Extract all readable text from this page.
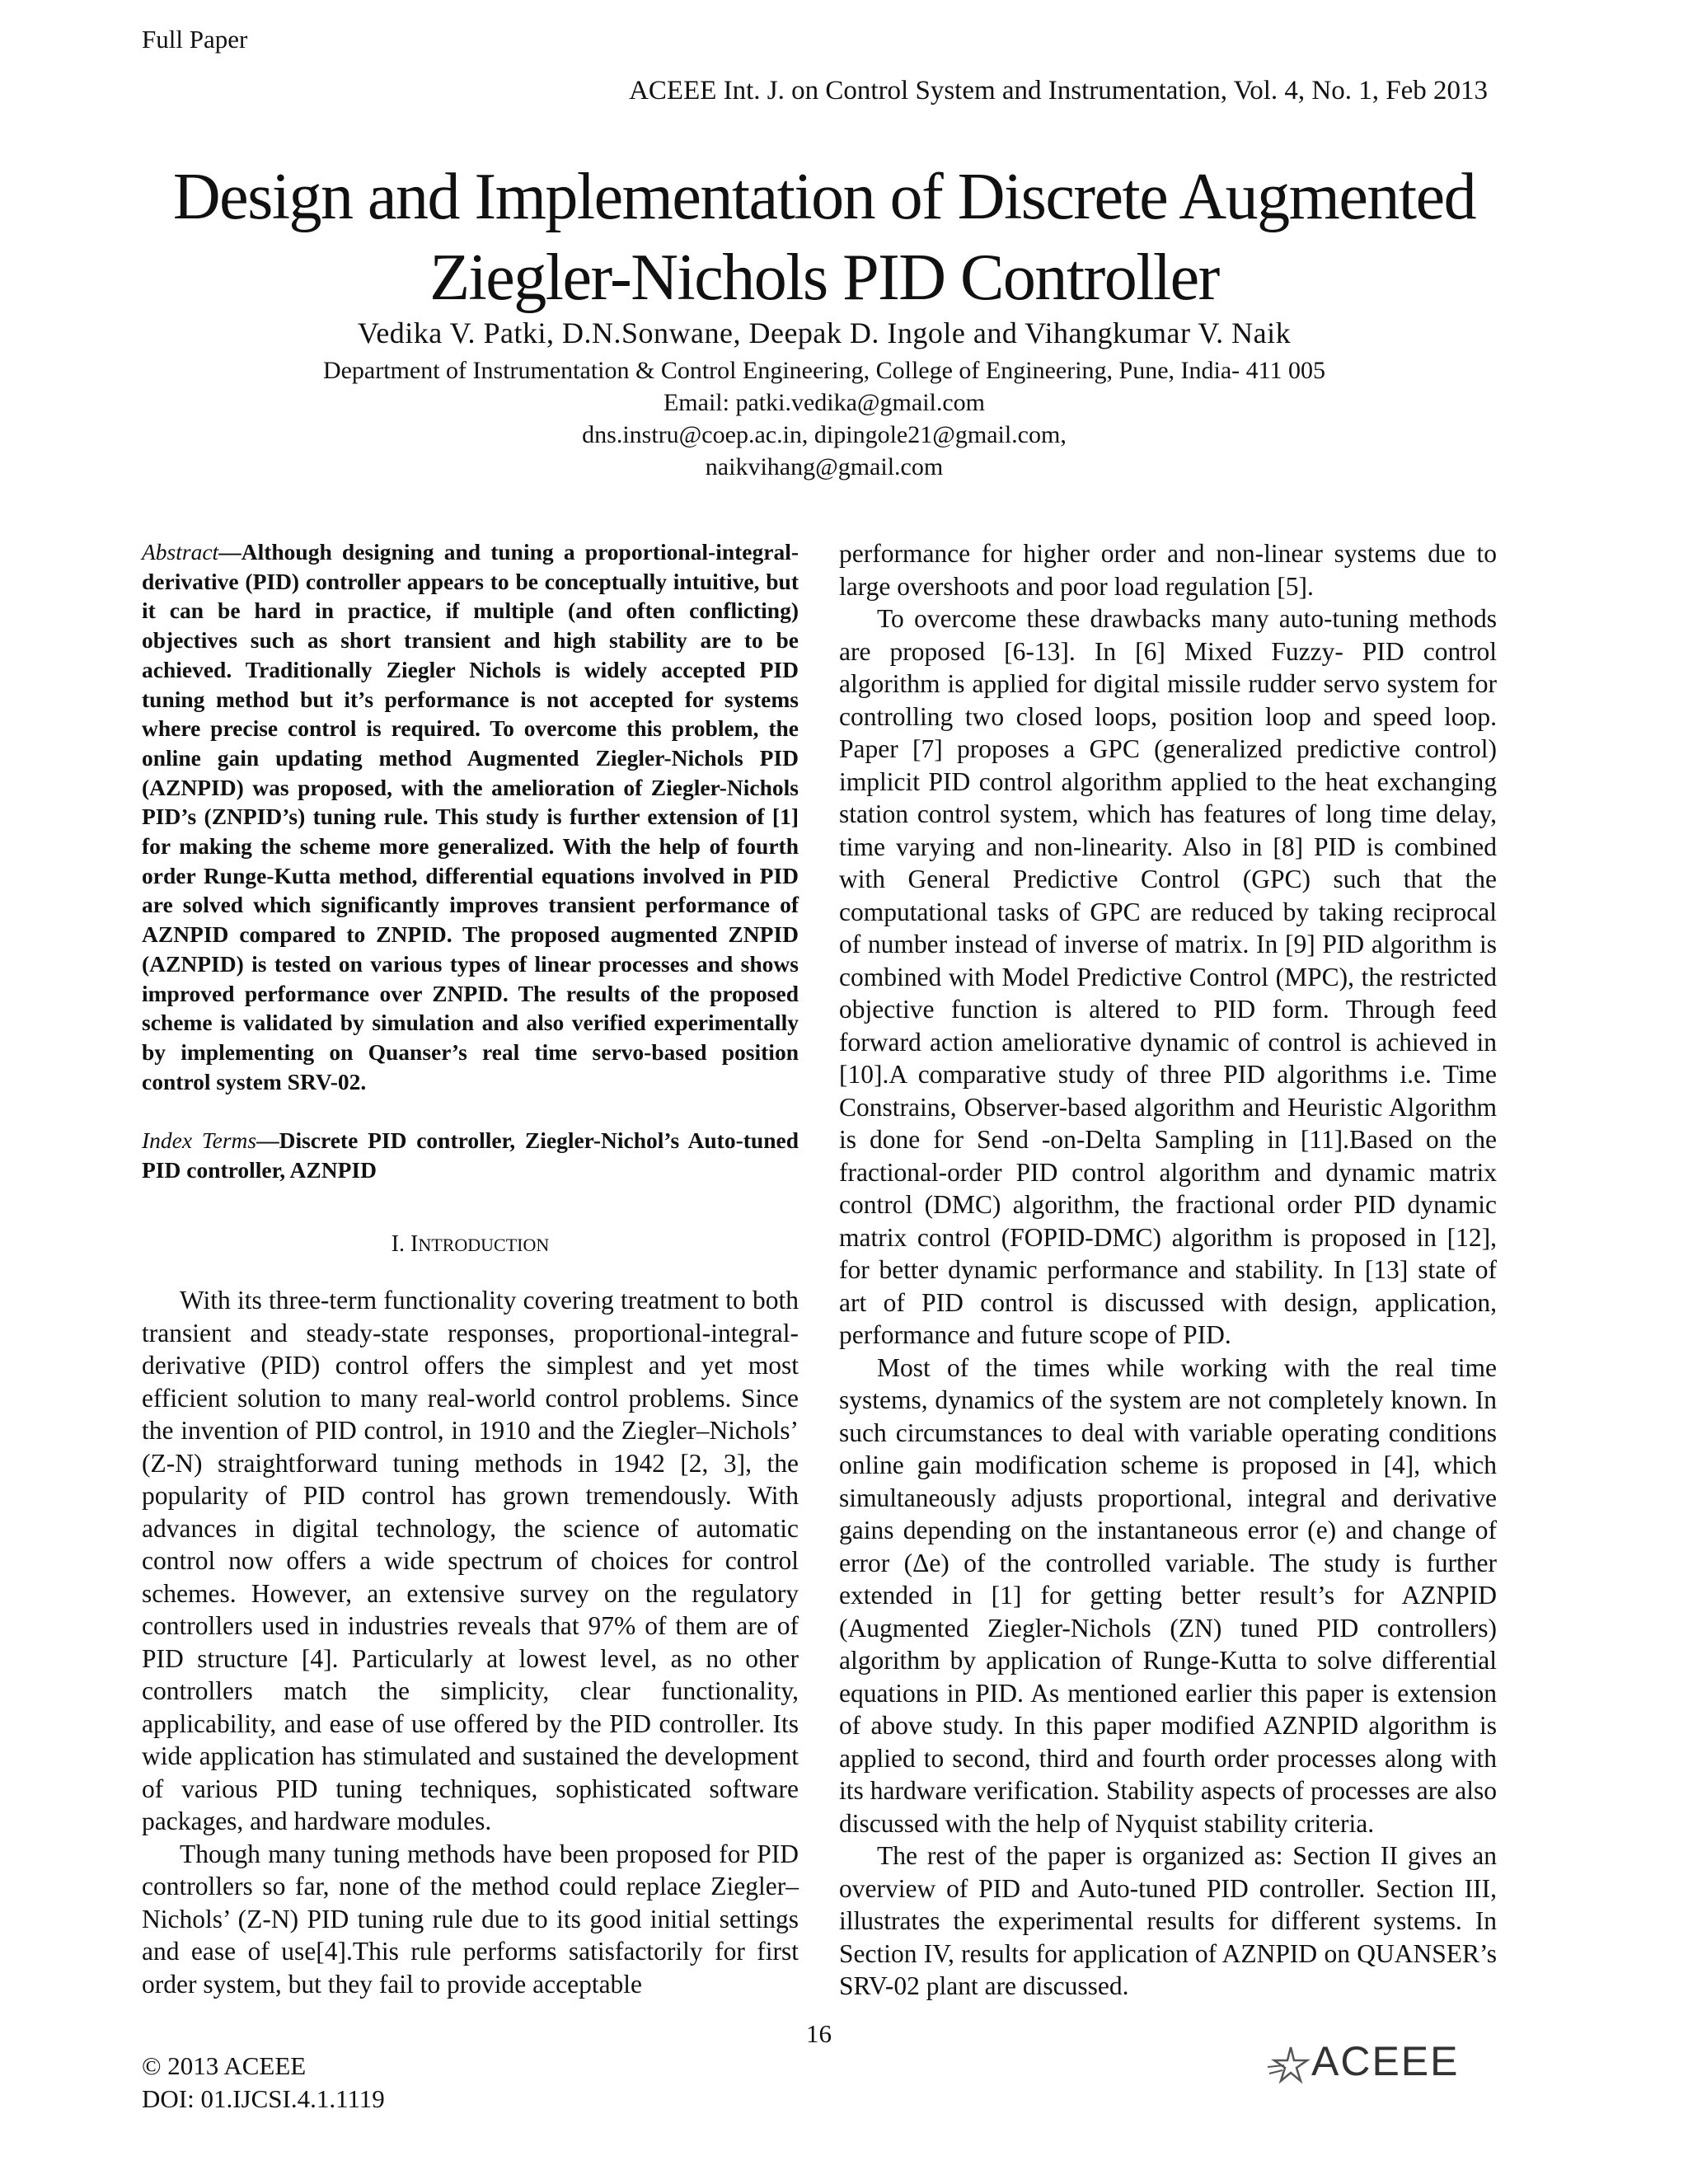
Full Paper
ACEEE Int. J. on Control System and Instrumentation, Vol. 4, No. 1, Feb 2013
Design and Implementation of Discrete Augmented
Ziegler-Nichols PID Controller
Vedika V. Patki, D.N.Sonwane, Deepak D. Ingole and Vihangkumar V. Naik
Department of Instrumentation & Control Engineering, College of Engineering, Pune, India- 411 005
Email: patki.vedika@gmail.com
dns.instru@coep.ac.in, dipingole21@gmail.com,
naikvihang@gmail.com

Abstract—Although designing and tuning a proportional-integral-derivative (PID) controller appears to be conceptually intuitive, but it can be hard in practice, if multiple (and often conflicting) objectives such as short transient and high stability are to be achieved. Traditionally Ziegler Nichols is widely accepted PID tuning method but it’s performance is not accepted for systems where precise control is required. To overcome this problem, the online gain updating method Augmented Ziegler-Nichols PID (AZNPID) was proposed, with the amelioration of Ziegler-Nichols PID’s (ZNPID’s) tuning rule. This study is further extension of [1] for making the scheme more generalized. With the help of fourth order Runge-Kutta method, differential equations involved in PID are solved which significantly improves transient performance of AZNPID compared to ZNPID. The proposed augmented ZNPID (AZNPID) is tested on various types of linear processes and shows improved performance over ZNPID. The results of the proposed scheme is validated by simulation and also verified experimentally by implementing on Quanser’s real time servo-based position control system SRV-02.

Index Terms—Discrete PID controller, Ziegler-Nichol’s Auto-tuned PID controller, AZNPID

I. INTRODUCTION

With its three-term functionality covering treatment to both transient and steady-state responses, proportional-integral-derivative (PID) control offers the simplest and yet most efficient solution to many real-world control problems. Since the invention of PID control, in 1910 and the Ziegler–Nichols’ (Z-N) straightforward tuning methods in 1942 [2, 3], the popularity of PID control has grown tremendously. With advances in digital technology, the science of automatic control now offers a wide spectrum of choices for control schemes. However, an extensive survey on the regulatory controllers used in industries reveals that 97% of them are of PID structure [4]. Particularly at lowest level, as no other controllers match the simplicity, clear functionality, applicability, and ease of use offered by the PID controller. Its wide application has stimulated and sustained the development of various PID tuning techniques, sophisticated software packages, and hardware modules.

Though many tuning methods have been proposed for PID controllers so far, none of the method could replace Ziegler–Nichols’ (Z-N) PID tuning rule due to its good initial settings and ease of use[4].This rule performs satisfactorily for first order system, but they fail to provide acceptable

performance for higher order and non-linear systems due to large overshoots and poor load regulation [5].

To overcome these drawbacks many auto-tuning methods are proposed [6-13]. In [6] Mixed Fuzzy- PID control algorithm is applied for digital missile rudder servo system for controlling two closed loops, position loop and speed loop. Paper [7] proposes a GPC (generalized predictive control) implicit PID control algorithm applied to the heat exchanging station control system, which has features of long time delay, time varying and non-linearity. Also in [8] PID is combined with General Predictive Control (GPC) such that the computational tasks of GPC are reduced by taking reciprocal of number instead of inverse of matrix. In [9] PID algorithm is combined with Model Predictive Control (MPC), the restricted objective function is altered to PID form. Through feed forward action ameliorative dynamic of control is achieved in [10].A comparative study of three PID algorithms i.e. Time Constrains, Observer-based algorithm and Heuristic Algorithm is done for Send -on-Delta Sampling in [11].Based on the fractional-order PID control algorithm and dynamic matrix control (DMC) algorithm, the fractional order PID dynamic matrix control (FOPID-DMC) algorithm is proposed in [12], for better dynamic performance and stability. In [13] state of art of PID control is discussed with design, application, performance and future scope of PID.

Most of the times while working with the real time systems, dynamics of the system are not completely known. In such circumstances to deal with variable operating conditions online gain modification scheme is proposed in [4], which simultaneously adjusts proportional, integral and derivative gains depending on the instantaneous error (e) and change of error (Δe) of the controlled variable. The study is further extended in [1] for getting better result’s for AZNPID (Augmented Ziegler-Nichols (ZN) tuned PID controllers) algorithm by application of Runge-Kutta to solve differential equations in PID. As mentioned earlier this paper is extension of above study. In this paper modified AZNPID algorithm is applied to second, third and fourth order processes along with its hardware verification. Stability aspects of processes are also discussed with the help of Nyquist stability criteria.

The rest of the paper is organized as: Section II gives an overview of PID and Auto-tuned PID controller. Section III, illustrates the experimental results for different systems. In Section IV, results for application of AZNPID on QUANSER’s SRV-02 plant are discussed.

© 2013 ACEEE
DOI: 01.IJCSI.4.1.1119
16
ACEEE
